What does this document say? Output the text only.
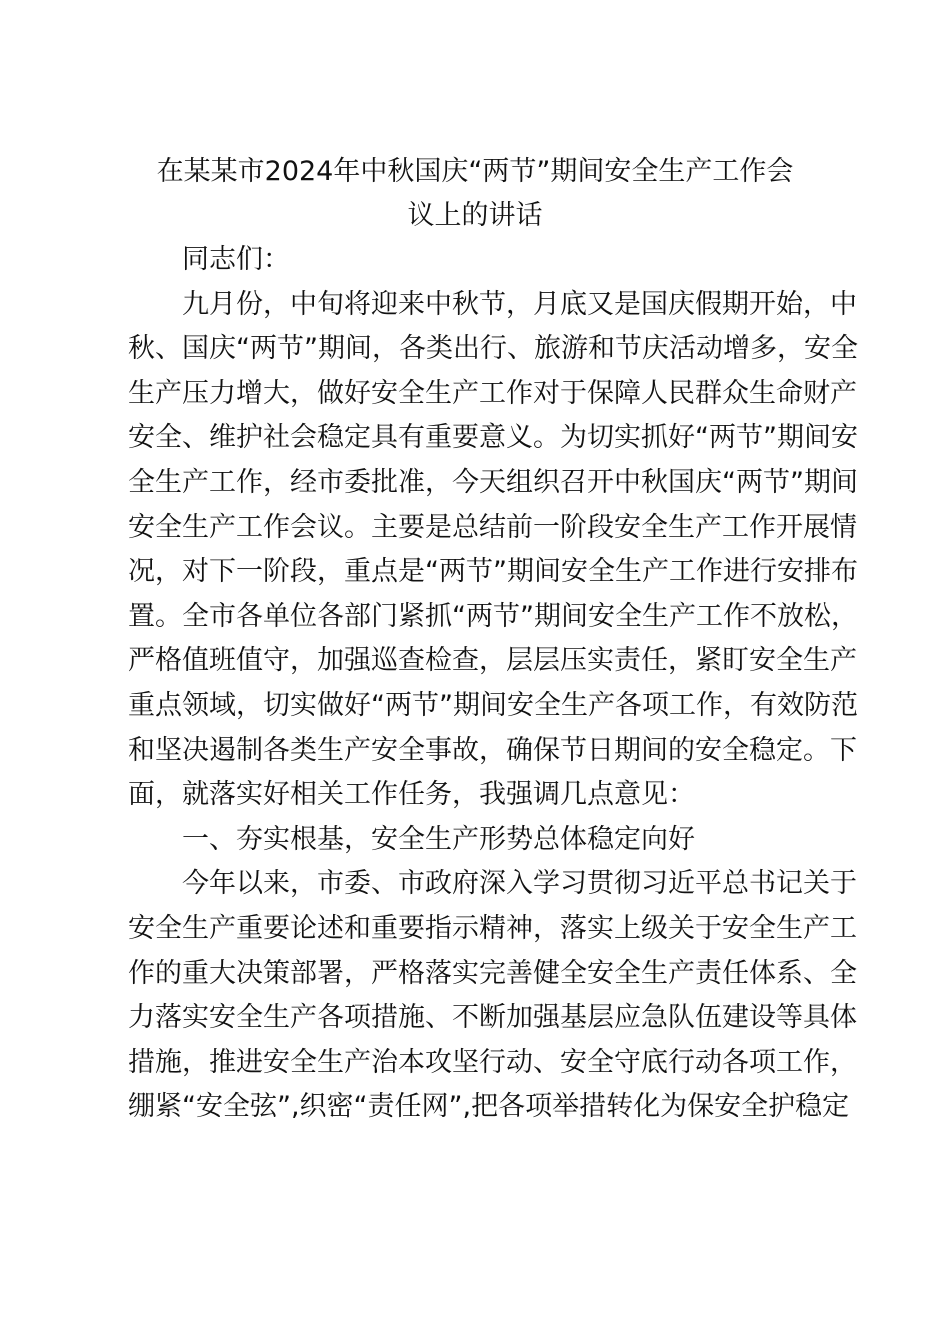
在某某市2024年中秋国庆“两节”期间安全生产工作会
议上的讲话
同志们：
九月份，中旬将迎来中秋节，月底又是国庆假期开始，中
秋、国庆“两节”期间，各类出行、旅游和节庆活动增多，安全
生产压力增大，做好安全生产工作对于保障人民群众生命财产
安全、维护社会稳定具有重要意义。为切实抓好“两节”期间安
全生产工作，经市委批准，今天组织召开中秋国庆“两节”期间
安全生产工作会议。主要是总结前一阶段安全生产工作开展情
况，对下一阶段，重点是“两节”期间安全生产工作进行安排布
置。全市各单位各部门紧抓“两节”期间安全生产工作不放松，
严格值班值守，加强巡查检查，层层压实责任，紧盯安全生产
重点领域，切实做好“两节”期间安全生产各项工作，有效防范
和坚决遏制各类生产安全事故，确保节日期间的安全稳定。下
面，就落实好相关工作任务，我强调几点意见：
一、夯实根基，安全生产形势总体稳定向好
今年以来，市委、市政府深入学习贯彻习近平总书记关于
安全生产重要论述和重要指示精神，落实上级关于安全生产工
作的重大决策部署，严格落实完善健全安全生产责任体系、全
力落实安全生产各项措施、不断加强基层应急队伍建设等具体
措施，推进安全生产治本攻坚行动、安全守底行动各项工作，
绷紧“安全弦”,织密“责任网”,把各项举措转化为保安全护稳定
